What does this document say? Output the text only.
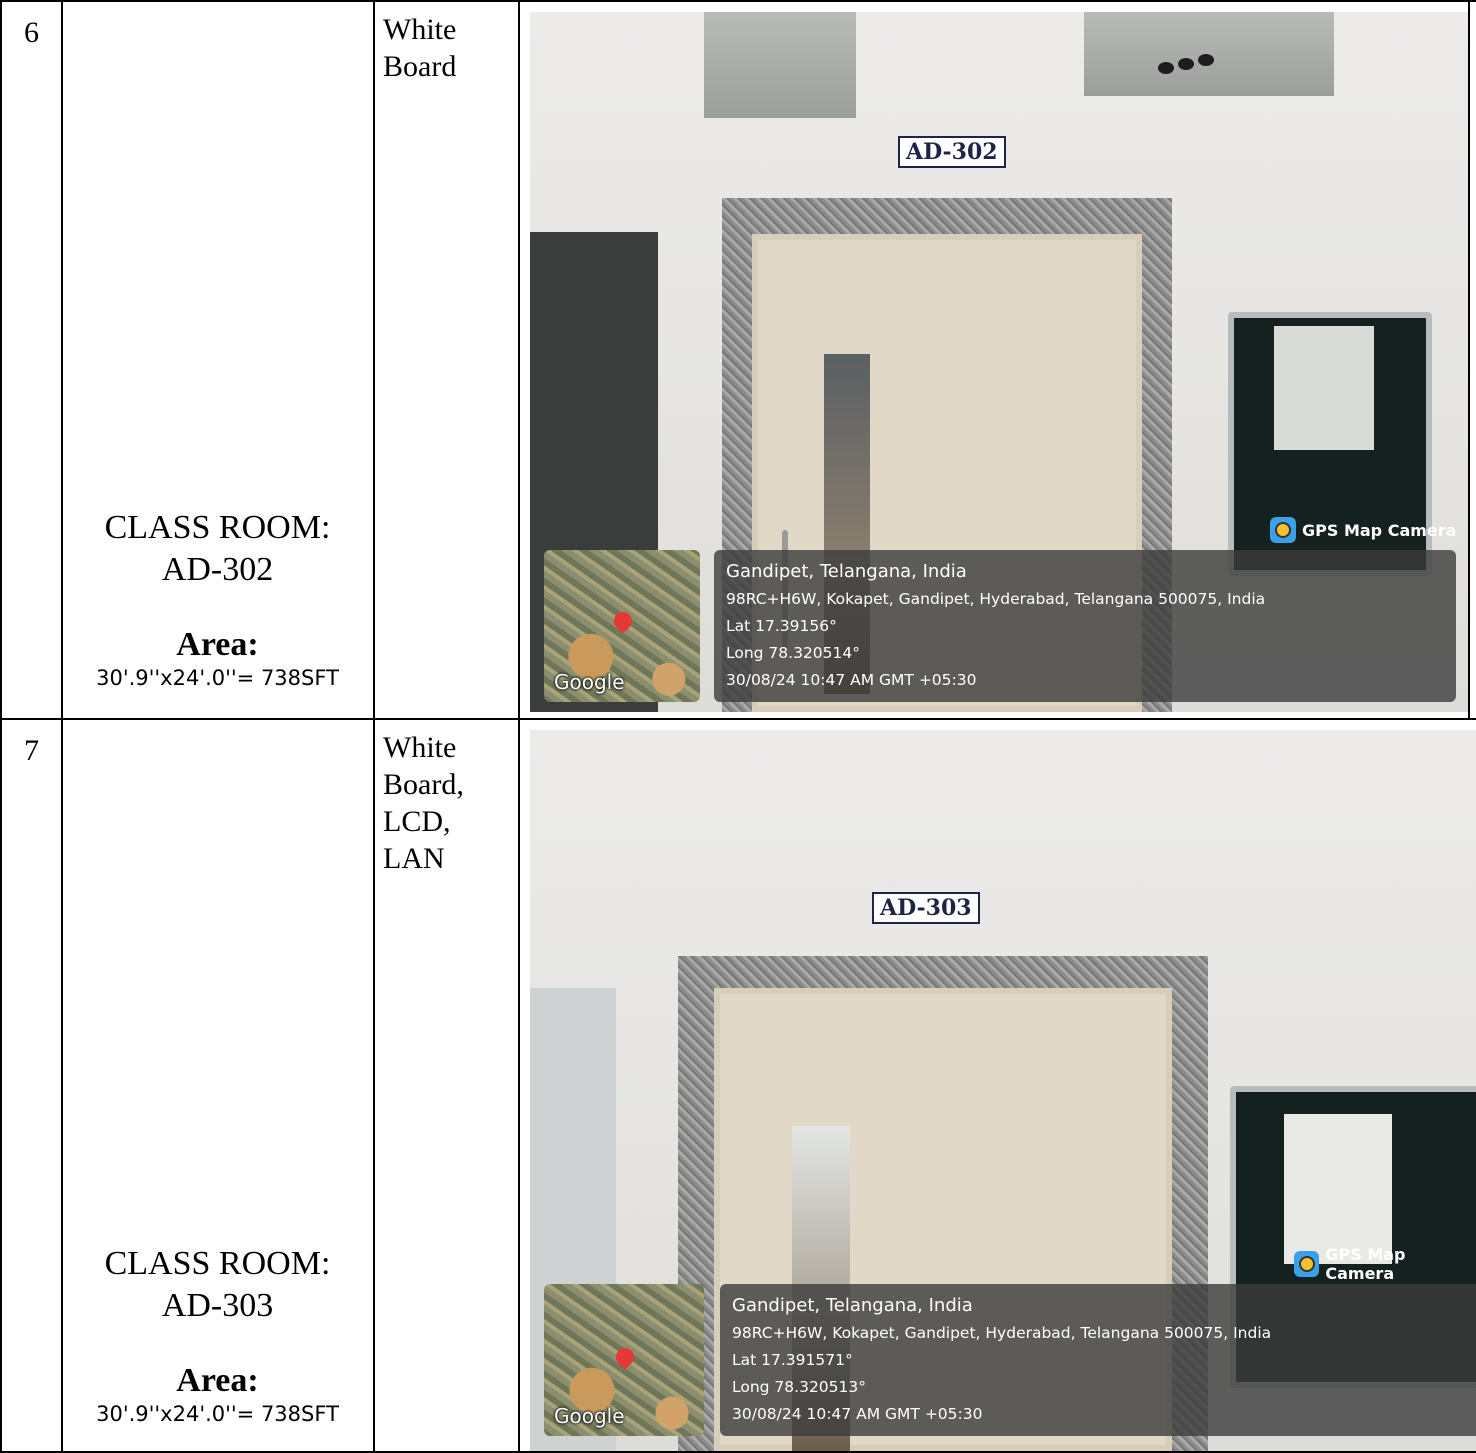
6	White
Board
CLASS ROOM:
AD-302
Area:
30'.9''x24'.0''= 738SFT
AD-302
GPS Map Camera
Google
Gandipet, Telangana, India
98RC+H6W, Kokapet, Gandipet, Hyderabad, Telangana 500075, India
Lat 17.39156°
Long 78.320514°
30/08/24 10:47 AM GMT +05:30
7	White
Board,
LCD,
LAN
CLASS ROOM:
AD-303
Area:
30'.9''x24'.0''= 738SFT
AD-303
GPS Map Camera
Google
Gandipet, Telangana, India
98RC+H6W, Kokapet, Gandipet, Hyderabad, Telangana 500075, India
Lat 17.391571°
Long 78.320513°
30/08/24 10:47 AM GMT +05:30
